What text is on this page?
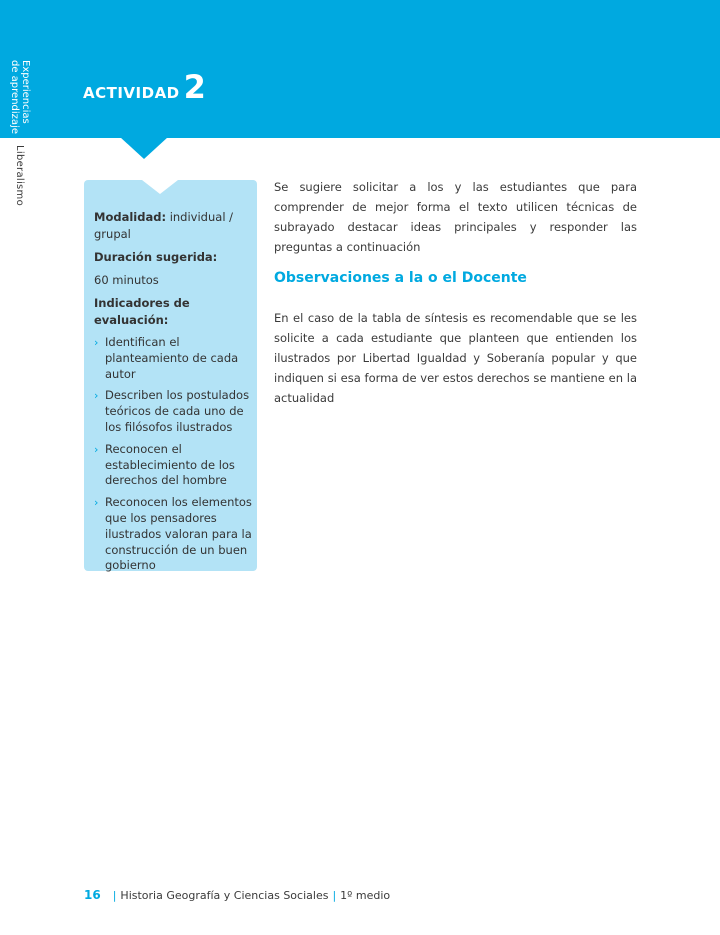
Experiencias
de aprendizaje
Liberalismo
ACTIVIDAD 2

Modalidad: individual / grupal

Duración sugerida:

60 minutos

Indicadores de evaluación:

› Identifican el planteamiento de cada autor
› Describen los postulados teóricos de cada uno de los filósofos ilustrados
› Reconocen el establecimiento de los derechos del hombre
› Reconocen los elementos que los pensadores ilustrados valoran para la construcción de un buen gobierno

Se sugiere solicitar a los y las estudiantes que para comprender de mejor forma el texto utilicen técnicas de subrayado destacar ideas principales y responder las preguntas a continuación

Observaciones a la o el Docente

En el caso de la tabla de síntesis es recomendable que se les solicite a cada estudiante que planteen que entienden los ilustrados por Libertad Igualdad y Soberanía popular y que indiquen si esa forma de ver estos derechos se mantiene en la actualidad

16 | Historia Geografía y Ciencias Sociales | 1º medio
